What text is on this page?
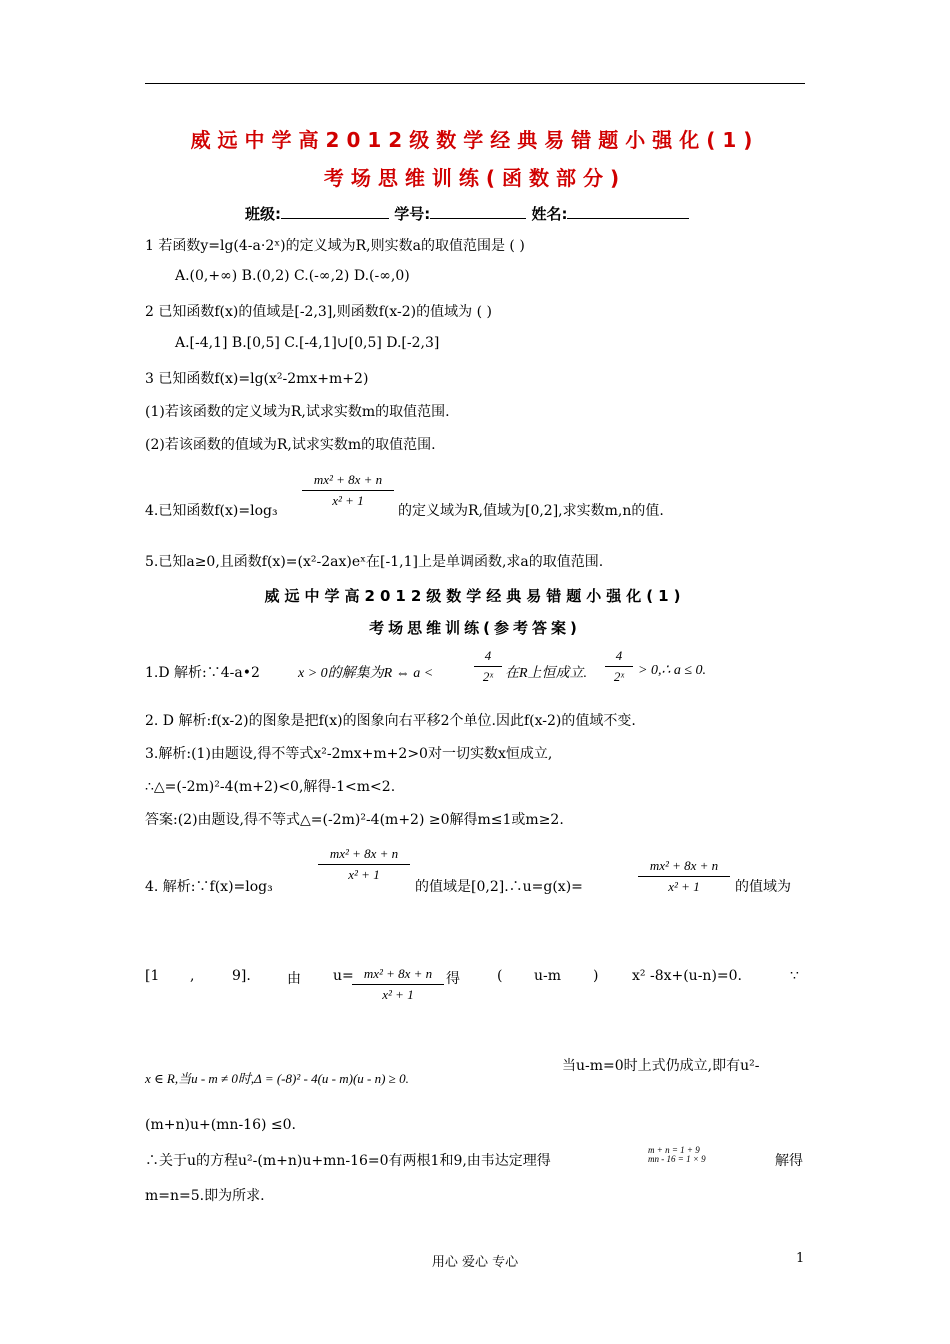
威远中学高2012级数学经典易错题小强化(1)
考场思维训练(函数部分)
班级:	学号:	姓名:
1 若函数y=lg(4-a·2ˣ)的定义域为R,则实数a的取值范围是 ( )
A.(0,+∞) B.(0,2) C.(-∞,2) D.(-∞,0)
2 已知函数f(x)的值域是[-2,3],则函数f(x-2)的值域为 ( )
A.[-4,1] B.[0,5] C.[-4,1]∪[0,5] D.[-2,3]
3 已知函数f(x)=lg(x²-2mx+m+2)
(1)若该函数的定义域为R,试求实数m的取值范围.
(2)若该函数的值域为R,试求实数m的取值范围.
4.已知函数f(x)=log₃
mx² + 8x + n
x² + 1
的定义域为R,值域为[0,2],求实数m,n的值.
5.已知a≥0,且函数f(x)=(x²-2ax)eˣ在[-1,1]上是单调函数,求a的取值范围.
威远中学高2012级数学经典易错题小强化(1)
考场思维训练(参考答案)
1.D 解析:∵4-a•2	x > 0的解集为R ⇔ a <
4
2ˣ 在R上恒成立.
4
2ˣ > 0,∴ a ≤ 0.
2. D 解析:f(x-2)的图象是把f(x)的图象向右平移2个单位.因此f(x-2)的值域不变.
3.解析:(1)由题设,得不等式x²-2mx+m+2>0对一切实数x恒成立,
∴△=(-2m)²-4(m+2)<0,解得-1<m<2.
答案:(2)由题设,得不等式△=(-2m)²-4(m+2) ≥0解得m≤1或m≥2.
4. 解析:∵f(x)=log₃
mx² + 8x + n
x² + 1
的值域是[0,2].∴u=g(x)=
mx² + 8x + n
x² + 1	的值域为
[1 ,	9].	由 u= mx² + 8x + n
x² + 1
得	( u-m ) x² -8x+(u-n)=0.	∵
x ∈ R,当u - m ≠ 0时,Δ = (-8)² - 4(u - m)(u - n) ≥ 0.
当u-m=0时上式仍成立,即有u²-
(m+n)u+(mn-16) ≤0.
∴关于u的方程u²-(m+n)u+mn-16=0有两根1和9,由韦达定理得
m + n = 1 + 9
mn - 16 = 1 × 9	解得
m=n=5.即为所求.
用心 爱心 专心	1
